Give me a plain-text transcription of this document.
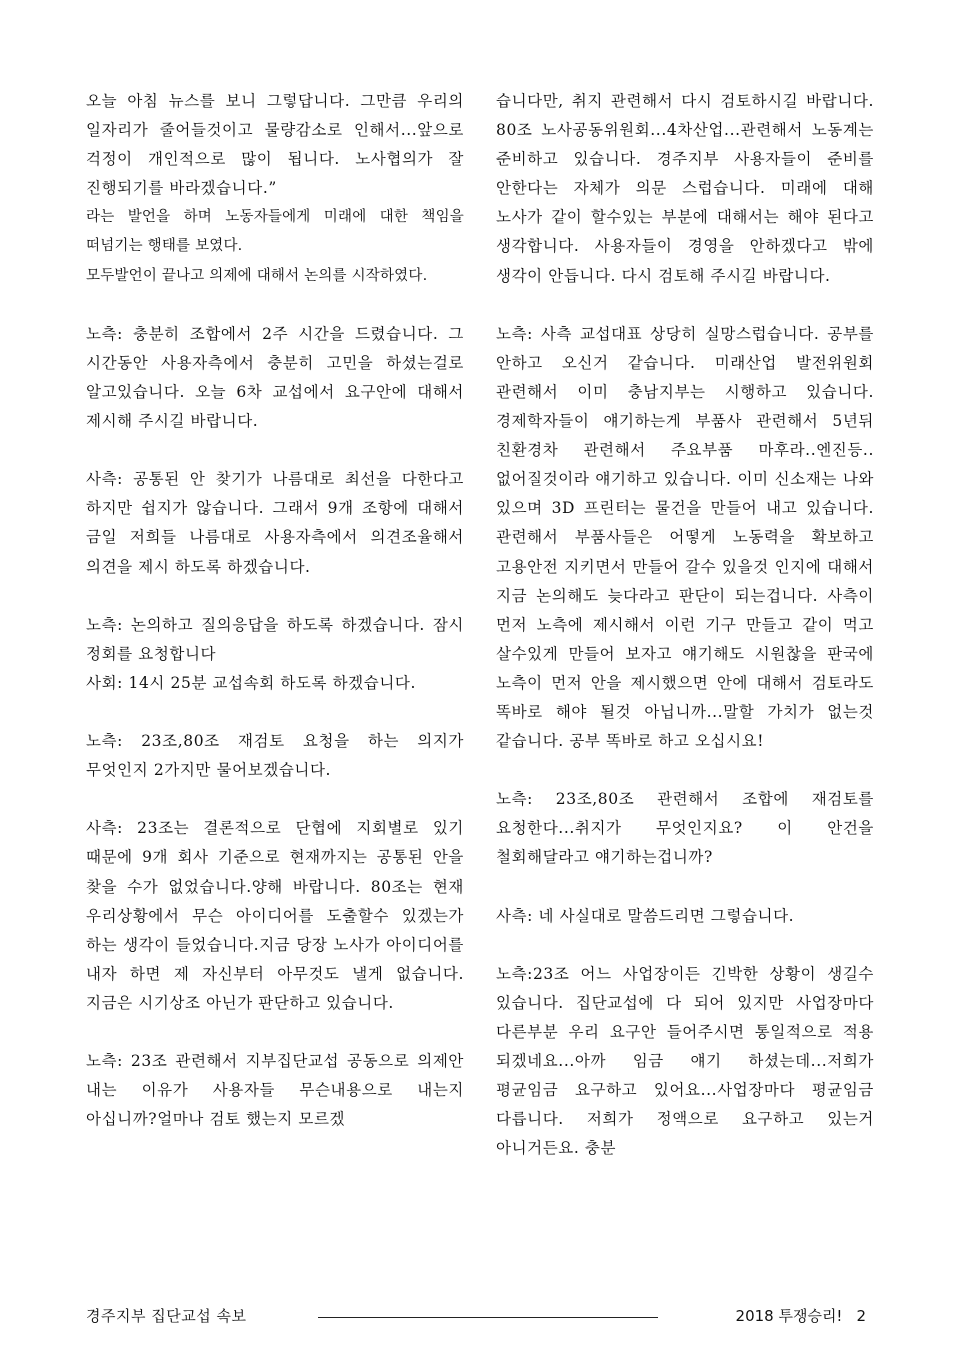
오늘 아침 뉴스를 보니 그렇답니다. 그만큼 우리의 일자리가 줄어들것이고 물량감소로 인해서...앞으로 걱정이 개인적으로 많이 됩니다. 노사협의가 잘 진행되기를 바라겠습니다.”

라는 발언을 하며 노동자들에게 미래에 대한 책임을 떠넘기는 행태를 보였다.

모두발언이 끝나고 의제에 대해서 논의를 시작하였다.

노측: 충분히 조합에서 2주 시간을 드렸습니다. 그 시간동안 사용자측에서 충분히 고민을 하셨는걸로 알고있습니다. 오늘 6차 교섭에서 요구안에 대해서 제시해 주시길 바랍니다.

사측: 공통된 안 찾기가 나름대로 최선을 다한다고 하지만 쉽지가 않습니다. 그래서 9개 조항에 대해서 금일 저희들 나름대로 사용자측에서 의견조율해서 의견을 제시 하도록 하겠습니다.

노측: 논의하고 질의응답을 하도록 하겠습니다. 잠시 정회를 요청합니다

사회: 14시 25분 교섭속회 하도록 하겠습니다.

노측: 23조,80조 재검토 요청을 하는 의지가 무엇인지 2가지만 물어보겠습니다.

사측: 23조는 결론적으로 단협에 지회별로 있기 때문에 9개 회사 기준으로 현재까지는 공통된 안을 찾을 수가 없었습니다.양해 바랍니다. 80조는 현재 우리상황에서 무슨 아이디어를 도출할수 있겠는가 하는 생각이 들었습니다.지금 당장 노사가 아이디어를 내자 하면 제 자신부터 아무것도 낼게 없습니다. 지금은 시기상조 아닌가 판단하고 있습니다.

노측: 23조 관련해서 지부집단교섭 공동으로 의제안 내는 이유가 사용자들 무슨내용으로 내는지 아십니까?얼마나 검토 했는지 모르겠

습니다만, 취지 관련해서 다시 검토하시길 바랍니다. 80조 노사공동위원회...4차산업...관련해서 노동계는 준비하고 있습니다. 경주지부 사용자들이 준비를 안한다는 자체가 의문 스럽습니다. 미래에 대해 노사가 같이 할수있는 부분에 대해서는 해야 된다고 생각합니다. 사용자들이 경영을 안하겠다고 밖에 생각이 안듭니다. 다시 검토해 주시길 바랍니다.

노측: 사측 교섭대표 상당히 실망스럽습니다. 공부를 안하고 오신거 같습니다. 미래산업 발전위원회 관련해서 이미 충남지부는 시행하고 있습니다.경제학자들이 얘기하는게 부품사 관련해서 5년뒤 친환경차 관련해서 주요부품 마후라..엔진등..없어질것이라 얘기하고 있습니다. 이미 신소재는 나와 있으며 3D 프린터는 물건을 만들어 내고 있습니다. 관련해서 부품사들은 어떻게 노동력을 확보하고 고용안전 지키면서 만들어 갈수 있을것 인지에 대해서 지금 논의해도 늦다라고 판단이 되는겁니다. 사측이 먼저 노측에 제시해서 이런 기구 만들고 같이 먹고 살수있게 만들어 보자고 얘기해도 시원찮을 판국에 노측이 먼저 안을 제시했으면 안에 대해서 검토라도 똑바로 해야 될것 아닙니까...말할 가치가 없는것 같습니다. 공부 똑바로 하고 오십시요!

노측: 23조,80조 관련해서 조합에 재검토를 요청한다...취지가 무엇인지요? 이 안건을 철회해달라고 얘기하는겁니까?

사측: 네 사실대로 말씀드리면 그렇습니다.

노측:23조 어느 사업장이든 긴박한 상황이 생길수 있습니다. 집단교섭에 다 되어 있지만 사업장마다 다른부분 우리 요구안 들어주시면 통일적으로 적용 되겠네요...아까 임금 얘기 하셨는데...저희가 평균임금 요구하고 있어요...사업장마다 평균임금 다릅니다. 저희가 정액으로 요구하고 있는거 아니거든요. 충분

경주지부 집단교섭 속보	2018 투쟁승리! 2
